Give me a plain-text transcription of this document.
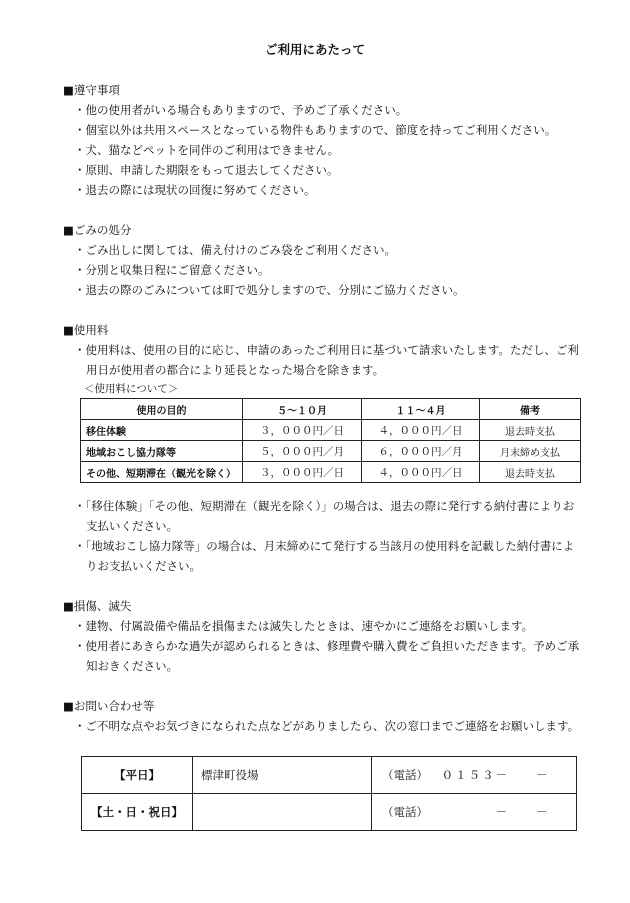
ご利用にあたって
■遵守事項
・他の使用者がいる場合もありますので、予めご了承ください。
・個室以外は共用スペースとなっている物件もありますので、節度を持ってご利用ください。
・犬、猫などペットを同伴のご利用はできません。
・原則、申請した期限をもって退去してください。
・退去の際には現状の回復に努めてください。
■ごみの処分
・ごみ出しに関しては、備え付けのごみ袋をご利用ください。
・分別と収集日程にご留意ください。
・退去の際のごみについては町で処分しますので、分別にご協力ください。
■使用料
・使用料は、使用の目的に応じ、申請のあったご利用日に基づいて請求いたします。ただし、ご利
用日が使用者の都合により延長となった場合を除きます。
＜使用料について＞
使用の目的	５～１０月	１１～４月	備考
移住体験	３，０００円／日	４，０００円／日	退去時支払
地域おこし協力隊等	５，０００円／月	６，０００円／月	月末締め支払
その他、短期滞在（観光を除く）	３，０００円／日	４，０００円／日	退去時支払
・「移住体験」「その他、短期滞在（観光を除く）」の場合は、退去の際に発行する納付書によりお
支払いください。
・「地域おこし協力隊等」の場合は、月末締めにて発行する当該月の使用料を記載した納付書によ
りお支払いください。
■損傷、滅失
・建物、付属設備や備品を損傷または滅失したときは、速やかにご連絡をお願いします。
・使用者にあきらかな過失が認められるときは、修理費や購入費をご負担いただきます。予めご承
知おきください。
■お問い合わせ等
・ご不明な点やお気づきになられた点などがありましたら、次の窓口までご連絡をお願いします。
【平日】	標津町役場	（電話） ０１５３－　　－
【土・日・祝日】		（電話） 　　　　－　　－
